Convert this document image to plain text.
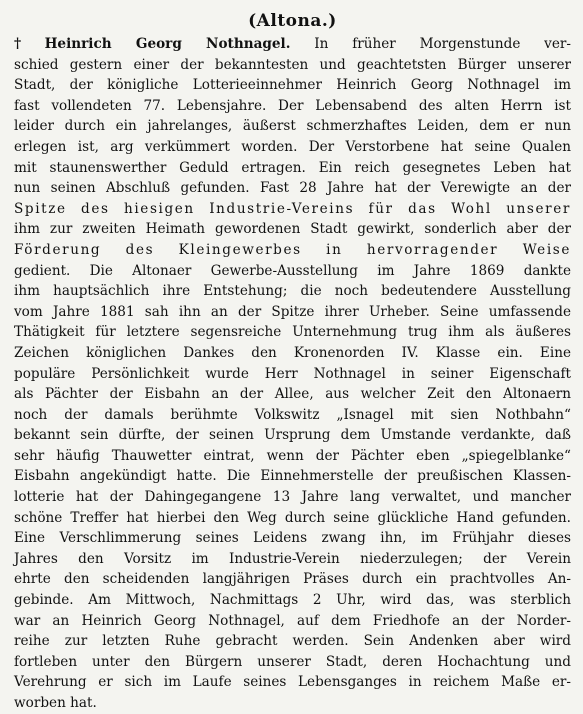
(Altona.)
† Heinrich Georg Nothnagel. In früher Morgenstunde ver-
schied gestern einer der bekanntesten und geachtetsten Bürger unserer
Stadt, der königliche Lotterieeinnehmer Heinrich Georg Nothnagel im
fast vollendeten 77. Lebensjahre. Der Lebensabend des alten Herrn ist
leider durch ein jahrelanges, äußerst schmerzhaftes Leiden, dem er nun
erlegen ist, arg verkümmert worden. Der Verstorbene hat seine Qualen
mit staunenswerther Geduld ertragen. Ein reich gesegnetes Leben hat
nun seinen Abschluß gefunden. Fast 28 Jahre hat der Verewigte an der
Spitze des hiesigen Industrie-Vereins für das Wohl unserer
ihm zur zweiten Heimath gewordenen Stadt gewirkt, sonderlich aber der
Förderung des Kleingewerbes in hervorragender Weise
gedient. Die Altonaer Gewerbe-Ausstellung im Jahre 1869 dankte
ihm hauptsächlich ihre Entstehung; die noch bedeutendere Ausstellung
vom Jahre 1881 sah ihn an der Spitze ihrer Urheber. Seine umfassende
Thätigkeit für letztere segensreiche Unternehmung trug ihm als äußeres
Zeichen königlichen Dankes den Kronenorden IV. Klasse ein. Eine
populäre Persönlichkeit wurde Herr Nothnagel in seiner Eigenschaft
als Pächter der Eisbahn an der Allee, aus welcher Zeit den Altonaern
noch der damals berühmte Volkswitz „Isnagel mit sien Nothbahn“
bekannt sein dürfte, der seinen Ursprung dem Umstande verdankte, daß
sehr häufig Thauwetter eintrat, wenn der Pächter eben „spiegelblanke“
Eisbahn angekündigt hatte. Die Einnehmerstelle der preußischen Klassen-
lotterie hat der Dahingegangene 13 Jahre lang verwaltet, und mancher
schöne Treffer hat hierbei den Weg durch seine glückliche Hand gefunden.
Eine Verschlimmerung seines Leidens zwang ihn, im Frühjahr dieses
Jahres den Vorsitz im Industrie-Verein niederzulegen; der Verein
ehrte den scheidenden langjährigen Präses durch ein prachtvolles An-
gebinde. Am Mittwoch, Nachmittags 2 Uhr, wird das, was sterblich
war an Heinrich Georg Nothnagel, auf dem Friedhofe an der Norder-
reihe zur letzten Ruhe gebracht werden. Sein Andenken aber wird
fortleben unter den Bürgern unserer Stadt, deren Hochachtung und
Verehrung er sich im Laufe seines Lebensganges in reichem Maße er-
worben hat.
